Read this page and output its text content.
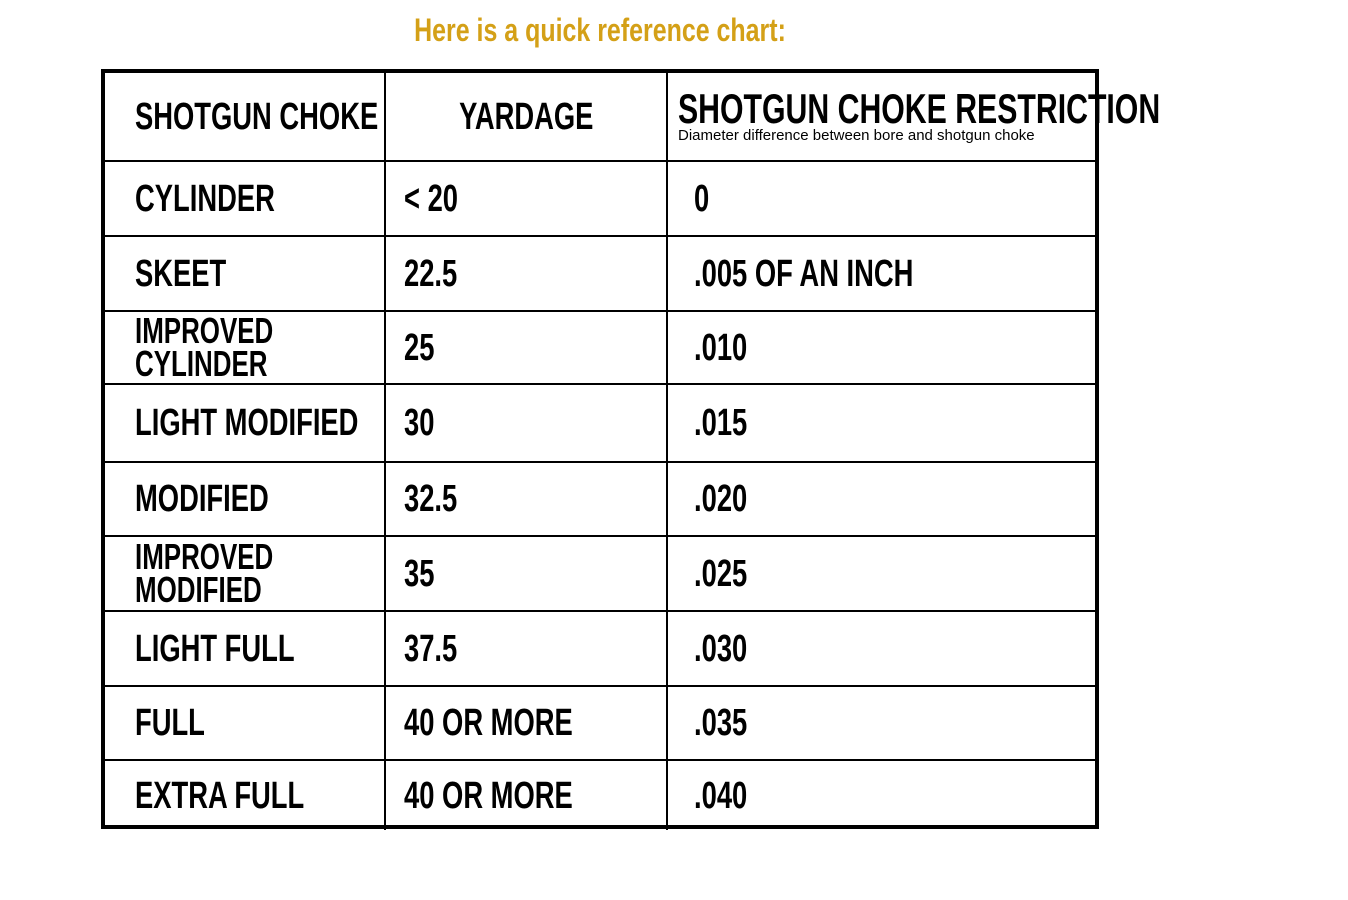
Here is a quick reference chart:
SHOTGUN CHOKE	YARDAGE	SHOTGUN CHOKE RESTRICTION
Diameter difference between bore and shotgun choke

CYLINDER	< 20	0

SKEET	22.5	.005 OF AN INCH

IMPROVED CYLINDER	25	.010

LIGHT MODIFIED	30	.015

MODIFIED	32.5	.020

IMPROVED MODIFIED	35	.025

LIGHT FULL	37.5	.030

FULL	40 OR MORE	.035

EXTRA FULL	40 OR MORE	.040
